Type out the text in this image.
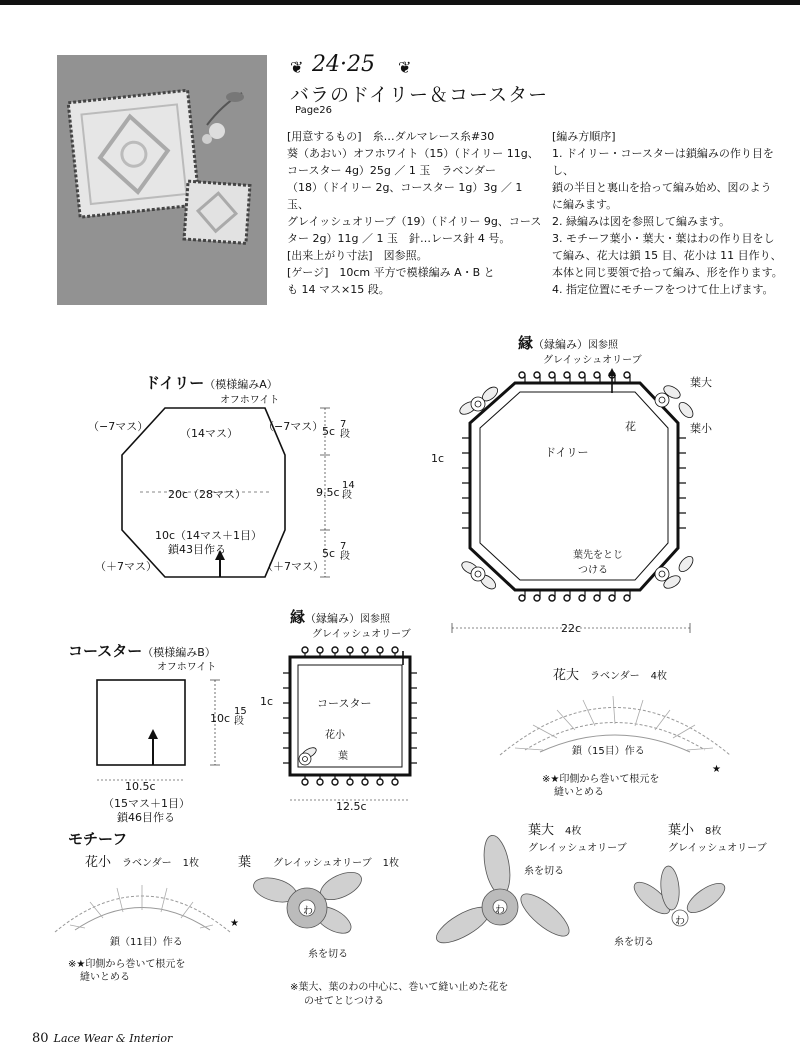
❦ 24·25 ❦
バラのドイリー＆コースター
Page26
[用意するもの]　糸…ダルマレース糸#30
葵（あおい）オフホワイト（15）（ドイリー 11g、
コースター 4g）25g ／ 1 玉　ラベンダー
（18）（ドイリー 2g、コースター 1g）3g ／ 1 玉、
グレイッシュオリーブ（19）（ドイリー 9g、コース
ター 2g）11g ／ 1 玉　針…レース針 4 号。
[出来上がり寸法]　図参照。
[ゲージ]　10cm 平方で模様編み A・B と
も 14 マス×15 段。
[編み方順序]
1. ドイリー・コースターは鎖編みの作り目をし、
鎖の半目と裏山を拾って編み始め、図のよう
に編みます。
2. 緑編みは図を参照して編みます。
3. モチーフ葉小・葉大・葉はわの作り目をし
て編み、花大は鎖 15 目、花小は 11 目作り、
本体と同じ要領で拾って編み、形を作ります。
4. 指定位置にモチーフをつけて仕上げます。
ドイリー（模様編みA）
オフホワイト
（−7マス）
（14マス）
（−7マス）
20c（28マス）
10c（14マス＋1目）
鎖43目作る
（＋7マス）	（＋7マス）
5c
7段
9.5c
14段
5c
7段
縁（縁編み）図参照
グレイッシュオリーブ
ドイリー
1c
花
葉大
葉小
葉先をとじ
つける
22c
コースター（模様編みB）
オフホワイト
10c
15段
10.5c
（15マス＋1目）
鎖46目作る
縁（縁編み）図参照
グレイッシュオリーブ
1c	コースター
花小
葉
12.5c
花大　 ラベンダー　 4枚
鎖（15目）作る
★
※★印側から巻いて根元を
縫いとめる
モチーフ
花小　 ラベンダー　 1枚
★
鎖（11目）作る
※★印側から巻いて根元を
縫いとめる
葉　　 グレイッシュオリーブ　 1枚
わ
糸を切る
葉大　 4枚
グレイッシュオリーブ
わ
糸を切る
葉小　 8枚
グレイッシュオリーブ
わ
糸を切る
※葉大、葉のわの中心に、巻いて縫い止めた花を
のせてとじつける
80 Lace Wear & Interior
